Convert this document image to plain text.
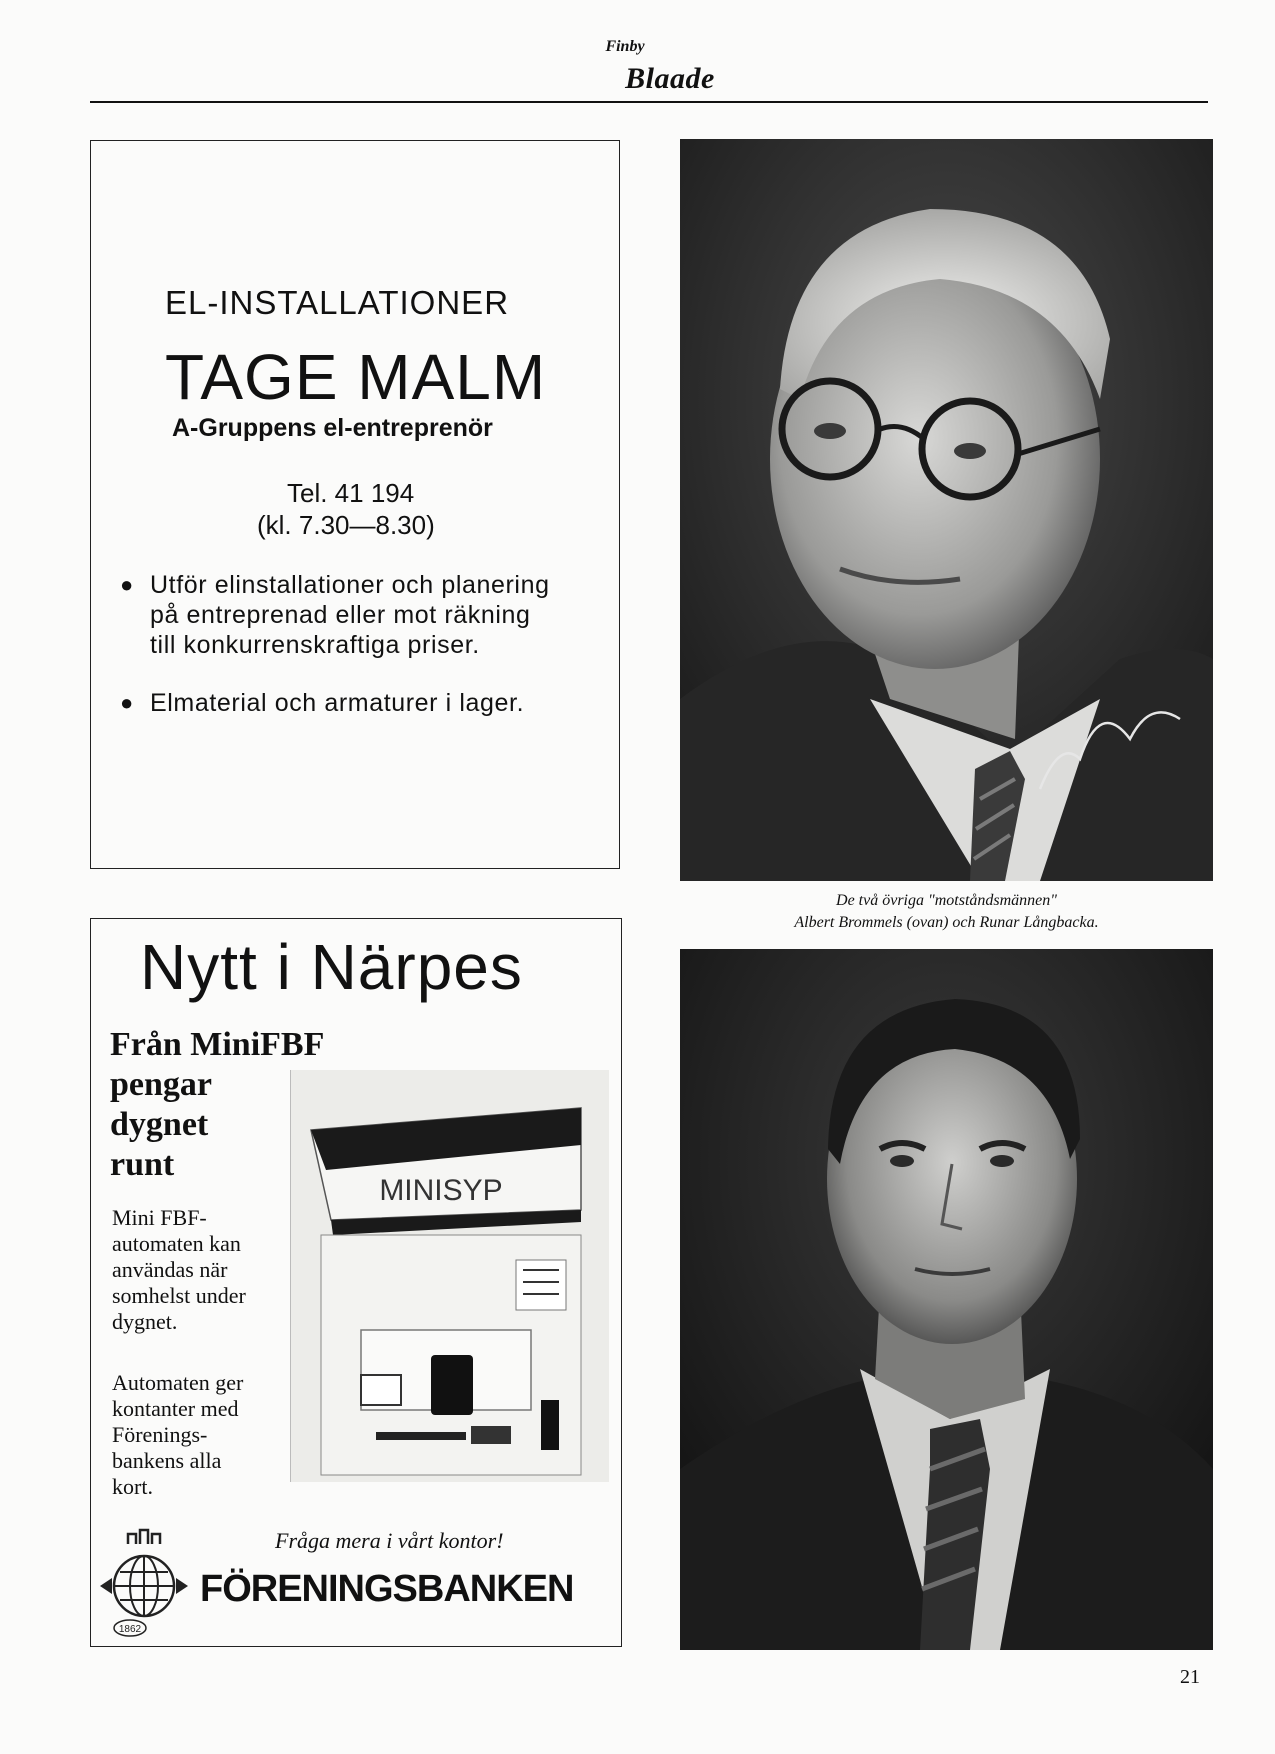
Finby
Blaade
EL-INSTALLATIONER
TAGE MALM
A-Gruppens el-entreprenör
Tel. 41 194
(kl. 7.30—8.30)
● Utför elinstallationer och planering
på entreprenad eller mot räkning
till konkurrenskraftiga priser.
● Elmaterial och armaturer i lager.
De två övriga "motståndsmännen"
Albert Brommels (ovan) och Runar Långbacka.
Nytt i Närpes
Från MiniFBF
pengar
dygnet
runt
Mini FBF-
automaten kan
användas när
somhelst under
dygnet.
Automaten ger
kontanter med
Förenings-
bankens alla
kort.
MINISYP
Fråga mera i vårt kontor!
1862
FÖRENINGSBANKEN
21
